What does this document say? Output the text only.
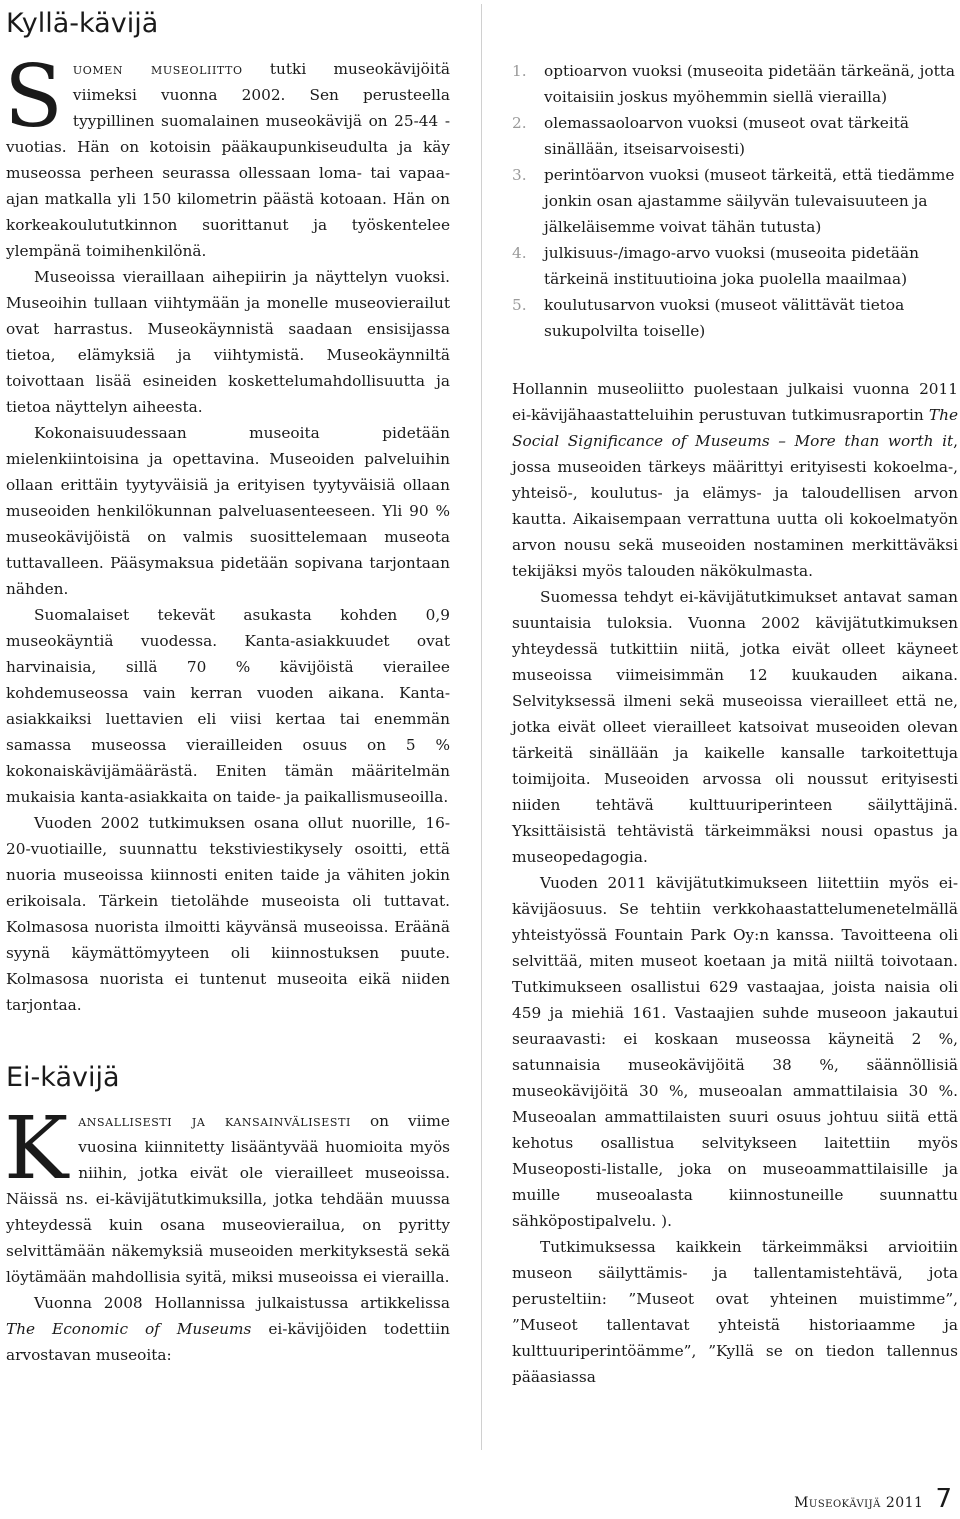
Kyllä-kävijä

Suomen museoliitto tutki museokävijöitä viimeksi vuonna 2002. Sen perusteella tyypillinen suomalainen museokävijä on 25-44 -vuotias. Hän on kotoisin pääkaupunkiseudulta ja käy museossa perheen seurassa ollessaan loma- tai vapaa-ajan matkalla yli 150 kilometrin päästä kotoaan. Hän on korkeakoulututkinnon suorittanut ja työskentelee ylempänä toimihenkilönä.

Museoissa vieraillaan aihepiirin ja näyttelyn vuoksi. Museoihin tullaan viihtymään ja monelle museovierailut ovat harrastus. Museokäynnistä saadaan ensisijassa tietoa, elämyksiä ja viihtymistä. Museokäynniltä toivottaan lisää esineiden koskettelumahdollisuutta ja tietoa näyttelyn aiheesta.

Kokonaisuudessaan museoita pidetään mielenkiintoisina ja opettavina. Museoiden palveluihin ollaan erittäin tyytyväisiä ja erityisen tyytyväisiä ollaan museoiden henkilökunnan palveluasenteeseen. Yli 90 % museokävijöistä on valmis suosittelemaan museota tuttavalleen. Pääsymaksua pidetään sopivana tarjontaan nähden.

Suomalaiset tekevät asukasta kohden 0,9 museokäyntiä vuodessa. Kanta-asiakkuudet ovat harvinaisia, sillä 70 % kävijöistä vierailee kohdemuseossa vain kerran vuoden aikana. Kanta-asiakkaiksi luettavien eli viisi kertaa tai enemmän samassa museossa vierailleiden osuus on 5 % kokonaiskävijämäärästä. Eniten tämän määritelmän mukaisia kanta-asiakkaita on taide- ja paikallismuseoilla.

Vuoden 2002 tutkimuksen osana ollut nuorille, 16-20-vuotiaille, suunnattu tekstiviestikysely osoitti, että nuoria museoissa kiinnosti eniten taide ja vähiten jokin erikoisala. Tärkein tietolähde museoista oli tuttavat. Kolmasosa nuorista ilmoitti käyvänsä museoissa. Eräänä syynä käymättömyyteen oli kiinnostuksen puute. Kolmasosa nuorista ei tuntenut museoita eikä niiden tarjontaa.

Ei-kävijä

Kansallisesti ja kansainvälisesti on viime vuosina kiinnitetty lisääntyvää huomioita myös niihin, jotka eivät ole vierailleet museoissa. Näissä ns. ei-kävijätutkimuksilla, jotka tehdään muussa yhteydessä kuin osana museovierailua, on pyritty selvittämään näkemyksiä museoiden merkityksestä sekä löytämään mahdollisia syitä, miksi museoissa ei vierailla.

Vuonna 2008 Hollannissa julkaistussa artikkelissa The Economic of Museums ei-kävijöiden todettiin arvostavan museoita:

1.	optioarvon vuoksi (museoita pidetään tärkeänä, jotta voitaisiin joskus myöhemmin siellä vierailla)
2.	olemassaoloarvon vuoksi (museot ovat tärkeitä sinällään, itseisarvoisesti)
3.	perintöarvon vuoksi (museot tärkeitä, että tiedämme jonkin osan ajastamme säilyvän tulevaisuuteen ja jälkeläisemme voivat tähän tutusta)
4.	julkisuus-/imago-arvo vuoksi (museoita pidetään tärkeinä instituutioina joka puolella maailmaa)
5.	koulutusarvon vuoksi (museot välittävät tietoa sukupolvilta toiselle)

Hollannin museoliitto puolestaan julkaisi vuonna 2011 ei-kävijähaastatteluihin perustuvan tutkimusraportin The Social Significance of Museums – More than worth it, jossa museoiden tärkeys määrittyi erityisesti kokoelma-, yhteisö-, koulutus- ja elämys- ja taloudellisen arvon kautta. Aikaisempaan verrattuna uutta oli kokoelmatyön arvon nousu sekä museoiden nostaminen merkittäväksi tekijäksi myös talouden näkökulmasta.

Suomessa tehdyt ei-kävijätutkimukset antavat saman suuntaisia tuloksia. Vuonna 2002 kävijätutkimuksen yhteydessä tutkittiin niitä, jotka eivät olleet käyneet museoissa viimeisimmän 12 kuukauden aikana. Selvityksessä ilmeni sekä museoissa vierailleet että ne, jotka eivät olleet vierailleet katsoivat museoiden olevan tärkeitä sinällään ja kaikelle kansalle tarkoitettuja toimijoita. Museoiden arvossa oli noussut erityisesti niiden tehtävä kulttuuriperinteen säilyttäjinä. Yksittäisistä tehtävistä tärkeimmäksi nousi opastus ja museopedagogia.

Vuoden 2011 kävijätutkimukseen liitettiin myös ei-kävijäosuus. Se tehtiin verkkohaastattelumenetelmällä yhteistyössä Fountain Park Oy:n kanssa. Tavoitteena oli selvittää, miten museot koetaan ja mitä niiltä toivotaan. Tutkimukseen osallistui 629 vastaajaa, joista naisia oli 459 ja miehiä 161. Vastaajien suhde museoon jakautui seuraavasti: ei koskaan museossa käyneitä 2 %, satunnaisia museokävijöitä 38 %, säännöllisiä museokävijöitä 30 %, museoalan ammattilaisia 30 %. Museoalan ammattilaisten suuri osuus johtuu siitä että kehotus osallistua selvitykseen laitettiin myös Museoposti-listalle, joka on museoammattilaisille ja muille museoalasta kiinnostuneille suunnattu sähköpostipalvelu. ).

Tutkimuksessa kaikkein tärkeimmäksi arvioitiin museon säilyttämis- ja tallentamistehtävä, jota perusteltiin: ”Museot ovat yhteinen muistimme”, ”Museot tallentavat yhteistä historiaamme ja kulttuuriperintöämme”, ”Kyllä se on tiedon tallennus pääasiassa

Museokävijä 2011 7
